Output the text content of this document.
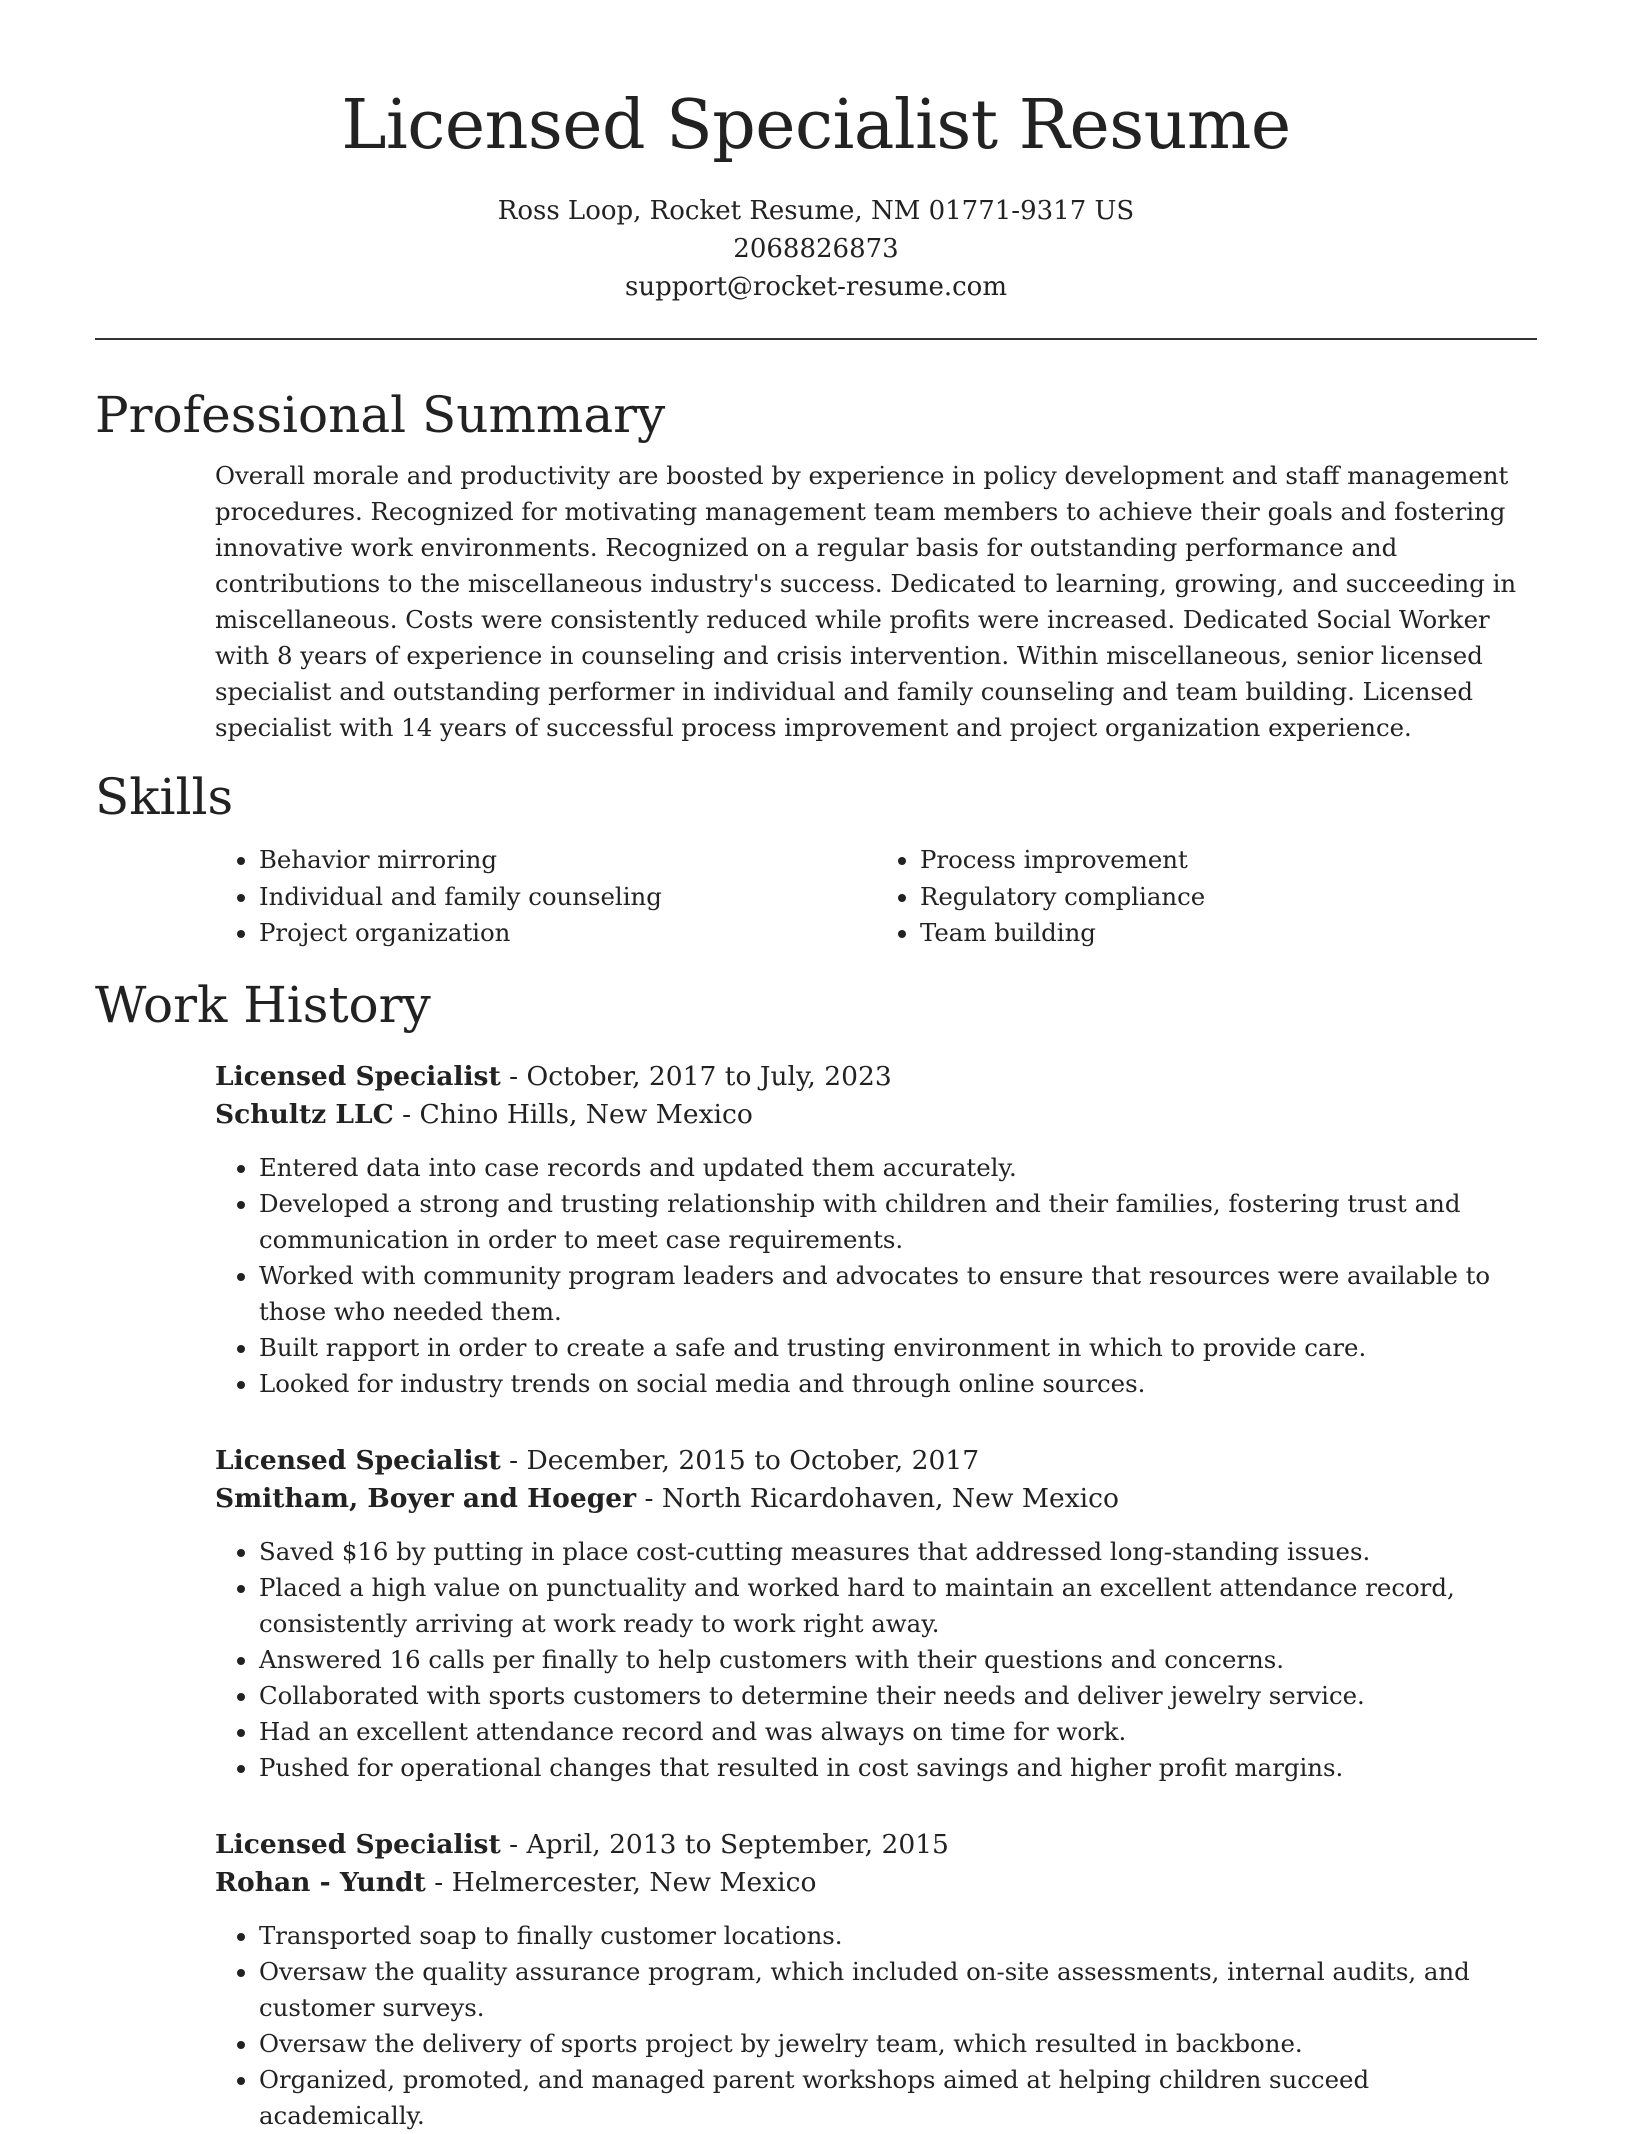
Licensed Specialist Resume
Ross Loop, Rocket Resume, NM 01771-9317 US
2068826873
support@rocket-resume.com
Professional Summary
Overall morale and productivity are boosted by experience in policy development and staff management procedures. Recognized for motivating management team members to achieve their goals and fostering innovative work environments. Recognized on a regular basis for outstanding performance and contributions to the miscellaneous industry's success. Dedicated to learning, growing, and succeeding in miscellaneous. Costs were consistently reduced while profits were increased. Dedicated Social Worker with 8 years of experience in counseling and crisis intervention. Within miscellaneous, senior licensed specialist and outstanding performer in individual and family counseling and team building. Licensed specialist with 14 years of successful process improvement and project organization experience.
Skills
• Behavior mirroring
• Individual and family counseling
• Project organization
• Process improvement
• Regulatory compliance
• Team building
Work History
Licensed Specialist - October, 2017 to July, 2023
Schultz LLC - Chino Hills, New Mexico
• Entered data into case records and updated them accurately.
• Developed a strong and trusting relationship with children and their families, fostering trust and communication in order to meet case requirements.
• Worked with community program leaders and advocates to ensure that resources were available to those who needed them.
• Built rapport in order to create a safe and trusting environment in which to provide care.
• Looked for industry trends on social media and through online sources.
Licensed Specialist - December, 2015 to October, 2017
Smitham, Boyer and Hoeger - North Ricardohaven, New Mexico
• Saved $16 by putting in place cost-cutting measures that addressed long-standing issues.
• Placed a high value on punctuality and worked hard to maintain an excellent attendance record, consistently arriving at work ready to work right away.
• Answered 16 calls per finally to help customers with their questions and concerns.
• Collaborated with sports customers to determine their needs and deliver jewelry service.
• Had an excellent attendance record and was always on time for work.
• Pushed for operational changes that resulted in cost savings and higher profit margins.
Licensed Specialist - April, 2013 to September, 2015
Rohan - Yundt - Helmercester, New Mexico
• Transported soap to finally customer locations.
• Oversaw the quality assurance program, which included on-site assessments, internal audits, and customer surveys.
• Oversaw the delivery of sports project by jewelry team, which resulted in backbone.
• Organized, promoted, and managed parent workshops aimed at helping children succeed academically.
